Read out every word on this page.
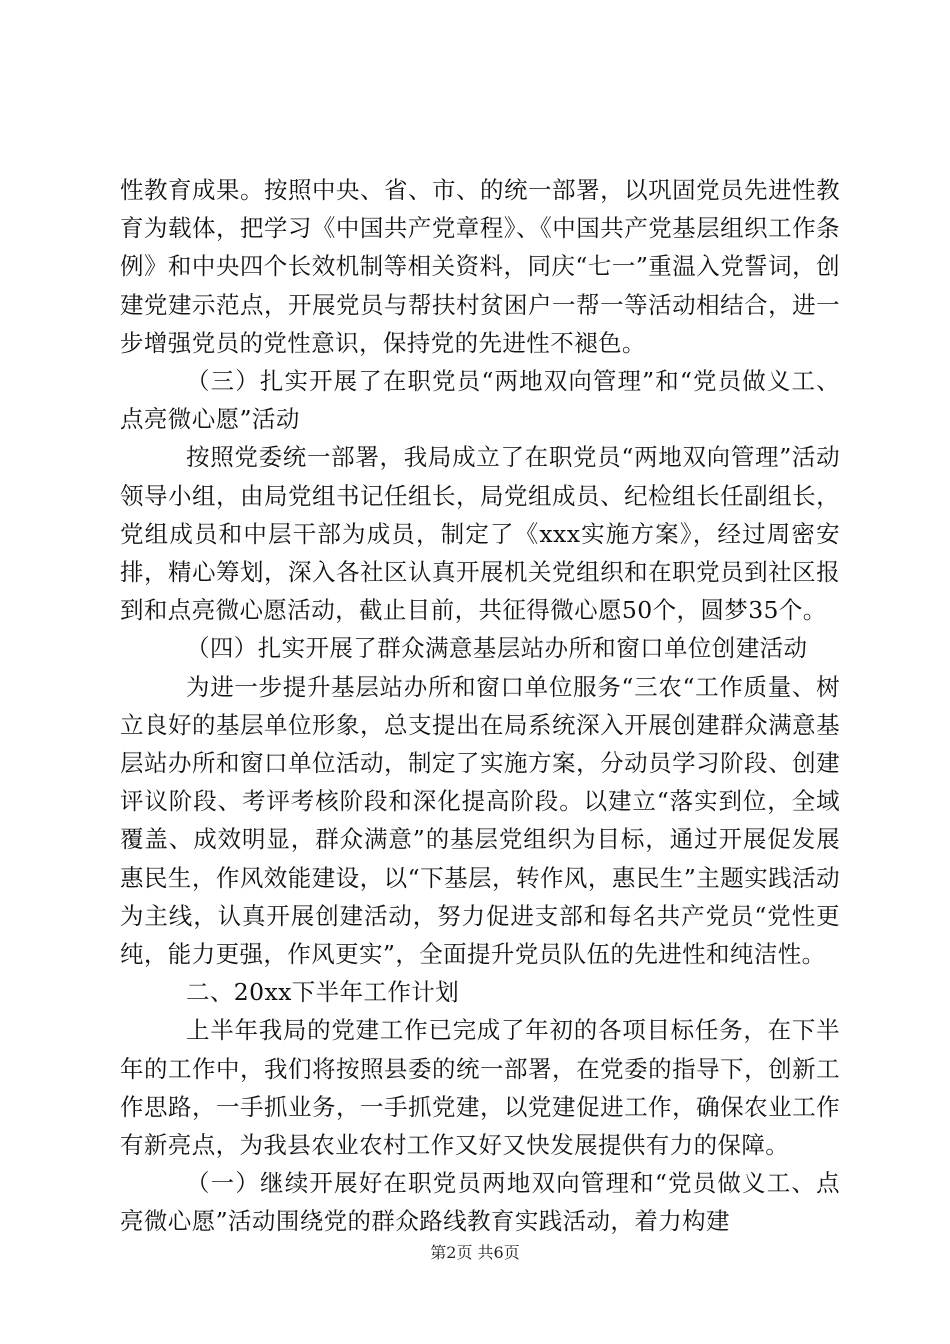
性教育成果。按照中央、省、市、的统一部署，以巩固党员先进性教育为载体，把学习《中国共产党章程》、《中国共产党基层组织工作条例》和中央四个长效机制等相关资料，同庆“七一”重温入党誓词，创建党建示范点，开展党员与帮扶村贫困户一帮一等活动相结合，进一步增强党员的党性意识，保持党的先进性不褪色。

（三）扎实开展了在职党员“两地双向管理”和“党员做义工、点亮微心愿”活动

按照党委统一部署，我局成立了在职党员“两地双向管理”活动领导小组，由局党组书记任组长，局党组成员、纪检组长任副组长，党组成员和中层干部为成员，制定了《xxx实施方案》，经过周密安排，精心筹划，深入各社区认真开展机关党组织和在职党员到社区报到和点亮微心愿活动，截止目前，共征得微心愿50个，圆梦35个。

（四）扎实开展了群众满意基层站办所和窗口单位创建活动

为进一步提升基层站办所和窗口单位服务“三农“工作质量、树立良好的基层单位形象，总支提出在局系统深入开展创建群众满意基层站办所和窗口单位活动，制定了实施方案，分动员学习阶段、创建评议阶段、考评考核阶段和深化提高阶段。以建立“落实到位，全域覆盖、成效明显，群众满意”的基层党组织为目标，通过开展促发展惠民生，作风效能建设，以“下基层，转作风，惠民生”主题实践活动为主线，认真开展创建活动，努力促进支部和每名共产党员“党性更纯，能力更强，作风更实”，全面提升党员队伍的先进性和纯洁性。

二、20xx下半年工作计划

上半年我局的党建工作已完成了年初的各项目标任务，在下半年的工作中，我们将按照县委的统一部署，在党委的指导下，创新工作思路，一手抓业务，一手抓党建，以党建促进工作，确保农业工作有新亮点，为我县农业农村工作又好又快发展提供有力的保障。

（一）继续开展好在职党员两地双向管理和“党员做义工、点亮微心愿”活动围绕党的群众路线教育实践活动，着力构建

第2页 共6页
